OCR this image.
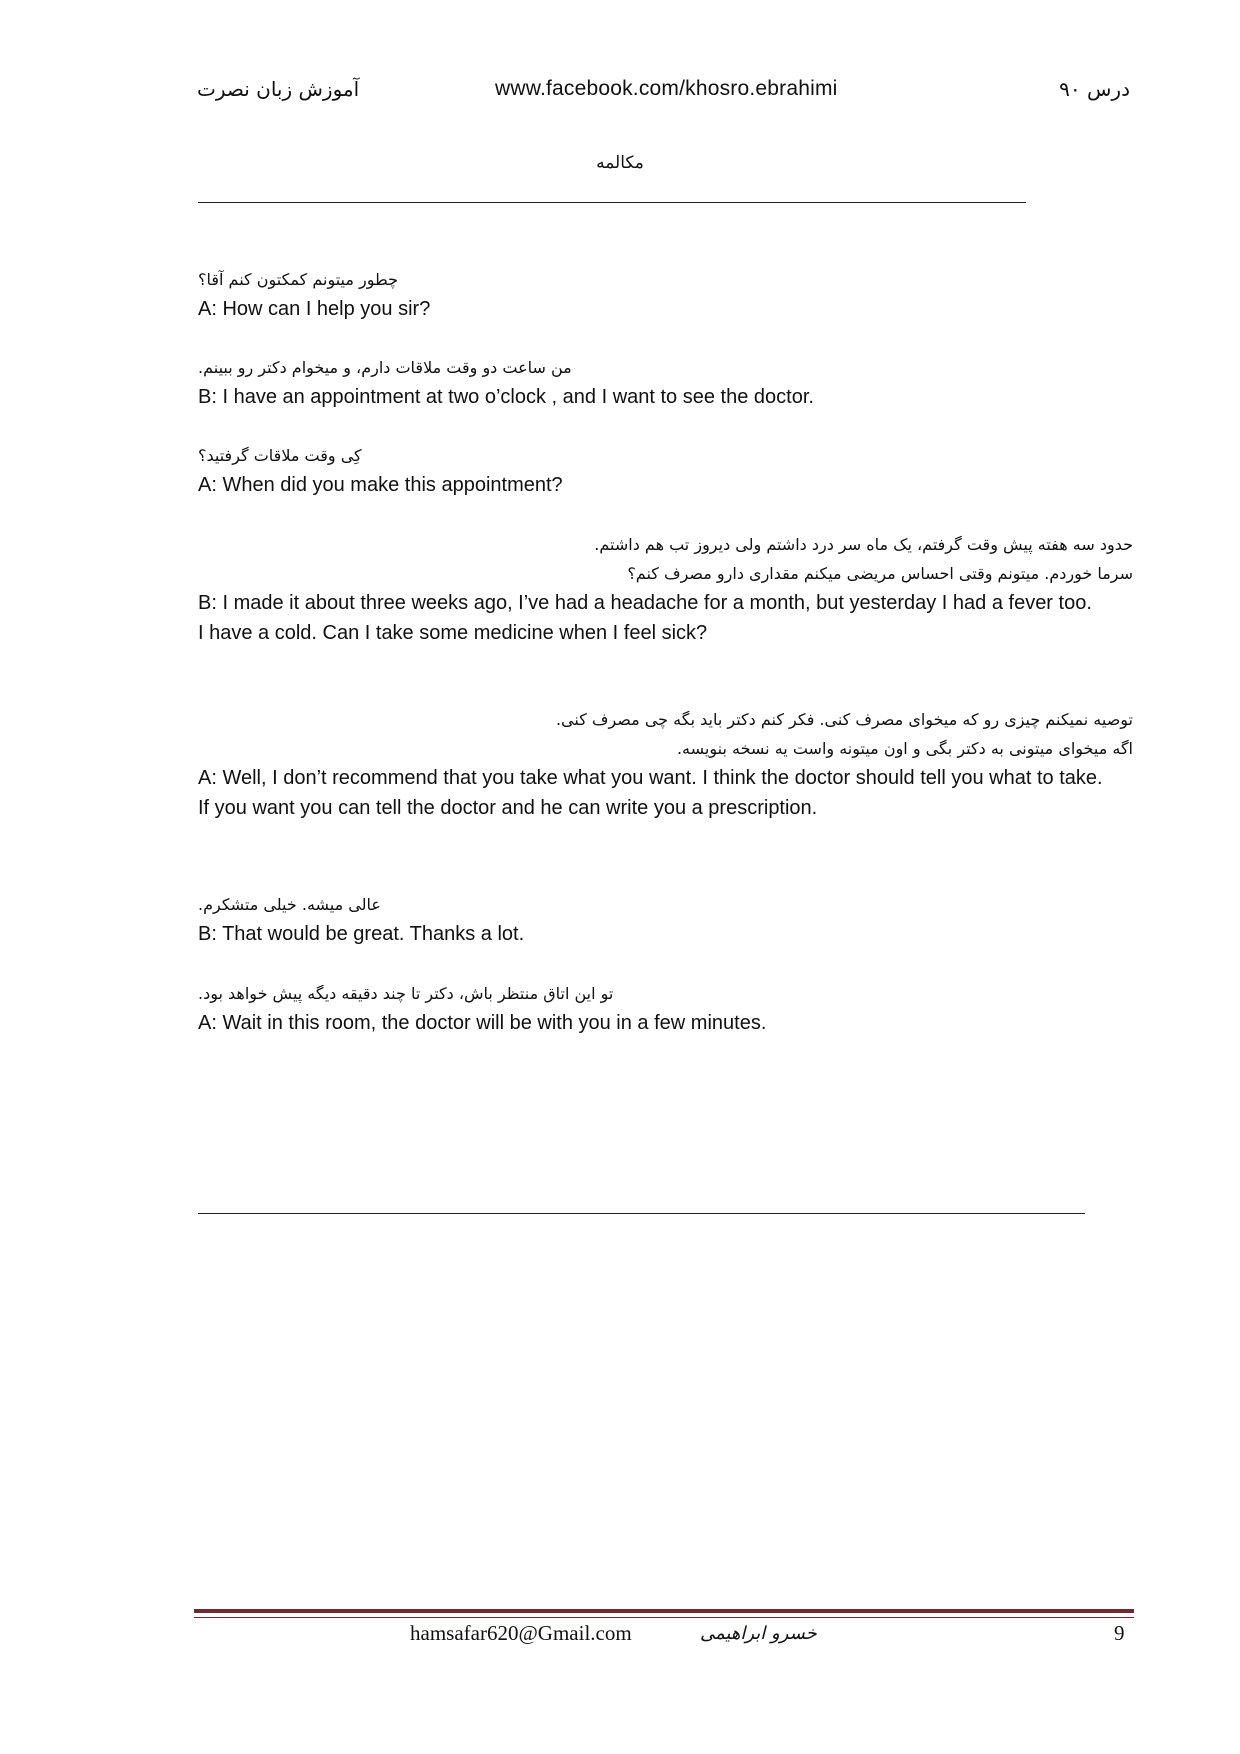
درس ۹۰
www.facebook.com/khosro.ebrahimi
آموزش زبان نصرت
مکالمه
چطور میتونم کمکتون کنم آقا؟
A: How can I help you sir?
من ساعت دو وقت ملاقات دارم، و میخوام دکتر رو ببینم.
B: I have an appointment at two o’clock , and I want to see the doctor.
کِی وقت ملاقات گرفتید؟
A: When did you make this appointment?
حدود سه هفته پیش وقت گرفتم، یک ماه سر درد داشتم ولی دیروز تب هم داشتم.
سرما خوردم. میتونم وقتی احساس مریضی میکنم مقداری دارو مصرف کنم؟
B: I made it about three weeks ago, I’ve had a headache for a month, but yesterday I had a fever too.
I have a cold. Can I take some medicine when I feel sick?
توصیه نمیکنم چیزی رو که میخوای مصرف کنی. فکر کنم دکتر باید بگه چی مصرف کنی.
اگه میخوای میتونی به دکتر بگی و اون میتونه واست یه نسخه بنویسه.
A: Well, I don’t recommend that you take what you want. I think the doctor should tell you what to take.
If you want you can tell the doctor and he can write you a prescription.
عالی میشه. خیلی متشکرم.
B: That would be great. Thanks a lot.
تو این اتاق منتظر باش، دکتر تا چند دقیقه دیگه پیش خواهد بود.
A: Wait in this room, the doctor will be with you in a few minutes.
hamsafar620@Gmail.com	خسرو ابراهیمی	9
